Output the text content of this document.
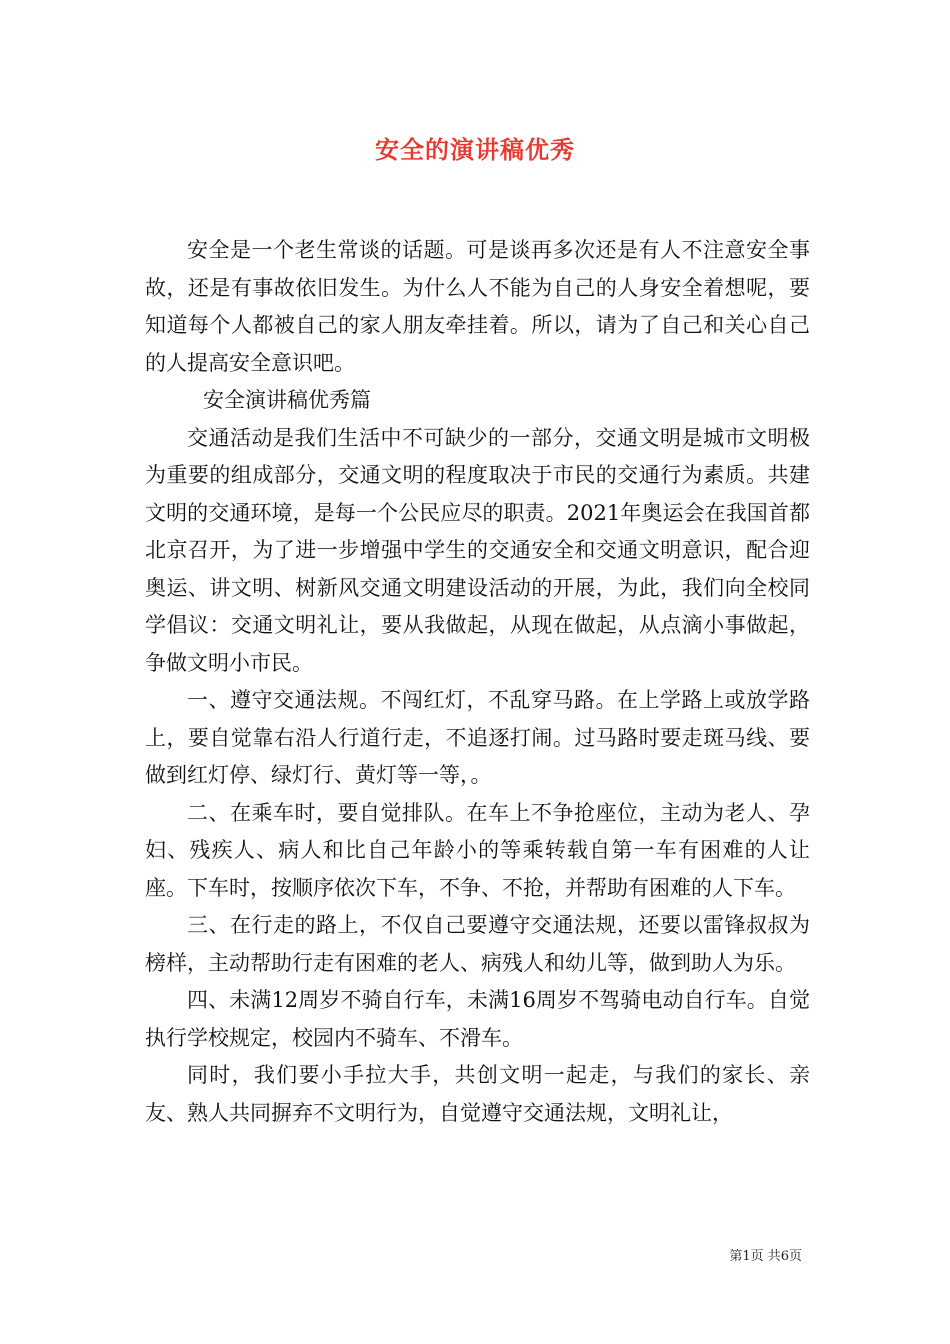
安全的演讲稿优秀

安全是一个老生常谈的话题。可是谈再多次还是有人不注意安全事故，还是有事故依旧发生。为什么人不能为自己的人身安全着想呢，要知道每个人都被自己的家人朋友牵挂着。所以，请为了自己和关心自己的人提高安全意识吧。

安全演讲稿优秀篇

交通活动是我们生活中不可缺少的一部分，交通文明是城市文明极为重要的组成部分，交通文明的程度取决于市民的交通行为素质。共建文明的交通环境，是每一个公民应尽的职责。2021年奥运会在我国首都北京召开，为了进一步增强中学生的交通安全和交通文明意识，配合迎奥运、讲文明、树新风交通文明建设活动的开展，为此，我们向全校同学倡议：交通文明礼让，要从我做起，从现在做起，从点滴小事做起，争做文明小市民。

一、遵守交通法规。不闯红灯，不乱穿马路。在上学路上或放学路上，要自觉靠右沿人行道行走，不追逐打闹。过马路时要走斑马线、要做到红灯停、绿灯行、黄灯等一等，。

二、在乘车时，要自觉排队。在车上不争抢座位，主动为老人、孕妇、残疾人、病人和比自己年龄小的等乘转载自第一车有困难的人让座。下车时，按顺序依次下车，不争、不抢，并帮助有困难的人下车。

三、在行走的路上，不仅自己要遵守交通法规，还要以雷锋叔叔为榜样，主动帮助行走有困难的老人、病残人和幼儿等，做到助人为乐。

四、未满12周岁不骑自行车，未满16周岁不驾骑电动自行车。自觉执行学校规定，校园内不骑车、不滑车。

同时，我们要小手拉大手，共创文明一起走，与我们的家长、亲友、熟人共同摒弃不文明行为，自觉遵守交通法规，文明礼让，

第1页 共6页
